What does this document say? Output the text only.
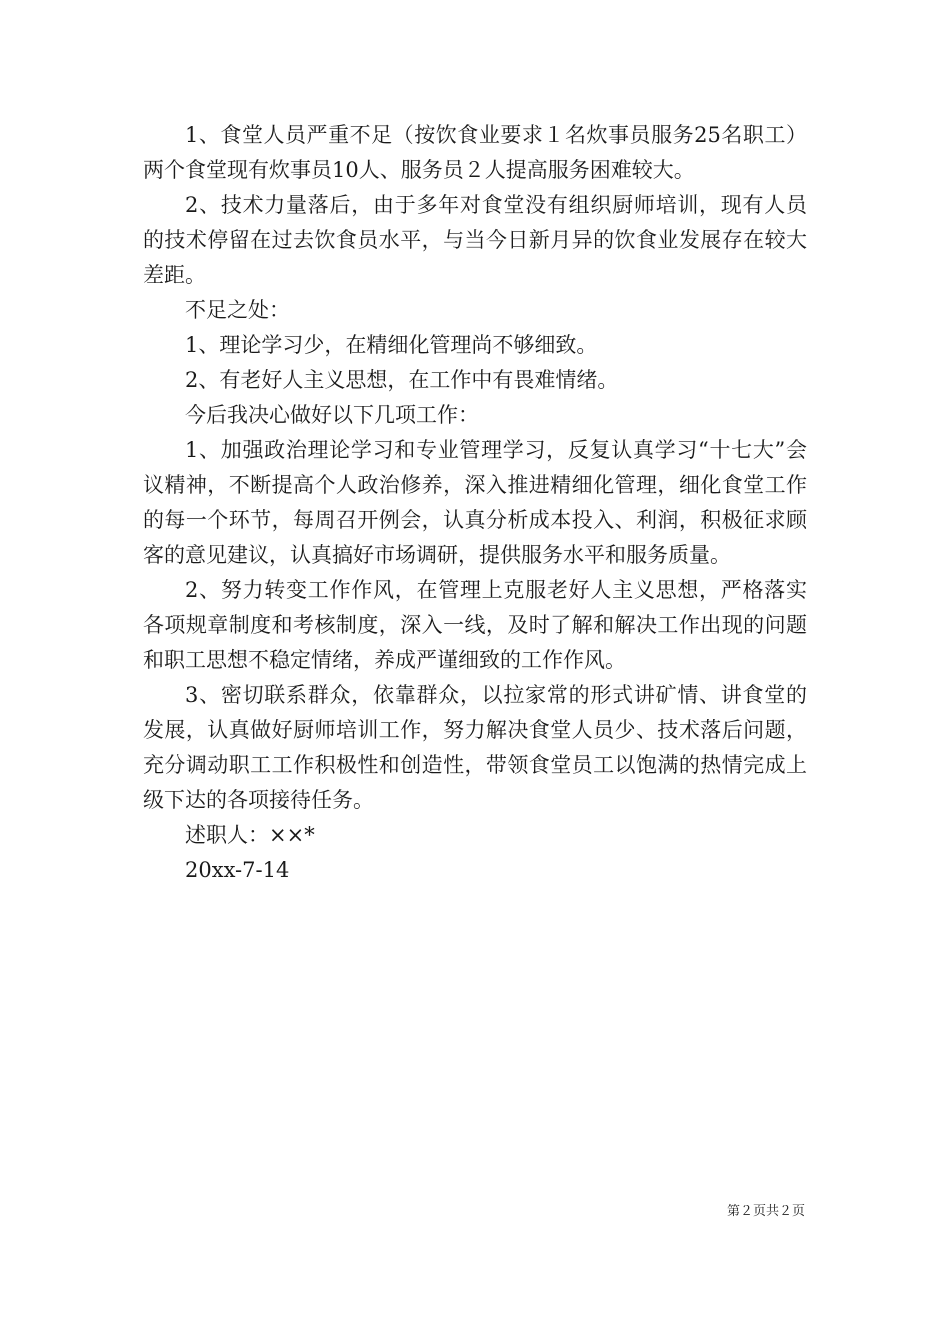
1、食堂人员严重不足（按饮食业要求１名炊事员服务25名职工）两个食堂现有炊事员10人、服务员２人提高服务困难较大。

2、技术力量落后，由于多年对食堂没有组织厨师培训，现有人员的技术停留在过去饮食员水平，与当今日新月异的饮食业发展存在较大差距。

不足之处：

1、理论学习少，在精细化管理尚不够细致。

2、有老好人主义思想，在工作中有畏难情绪。

今后我决心做好以下几项工作：

1、加强政治理论学习和专业管理学习，反复认真学习“十七大”会议精神，不断提高个人政治修养，深入推进精细化管理，细化食堂工作的每一个环节，每周召开例会，认真分析成本投入、利润，积极征求顾客的意见建议，认真搞好市场调研，提供服务水平和服务质量。

2、努力转变工作作风，在管理上克服老好人主义思想，严格落实各项规章制度和考核制度，深入一线，及时了解和解决工作出现的问题和职工思想不稳定情绪，养成严谨细致的工作作风。

3、密切联系群众，依靠群众，以拉家常的形式讲矿情、讲食堂的发展，认真做好厨师培训工作，努力解决食堂人员少、技术落后问题，充分调动职工工作积极性和创造性，带领食堂员工以饱满的热情完成上级下达的各项接待任务。

述职人：××*

20xx-7-14

第２页共２页
